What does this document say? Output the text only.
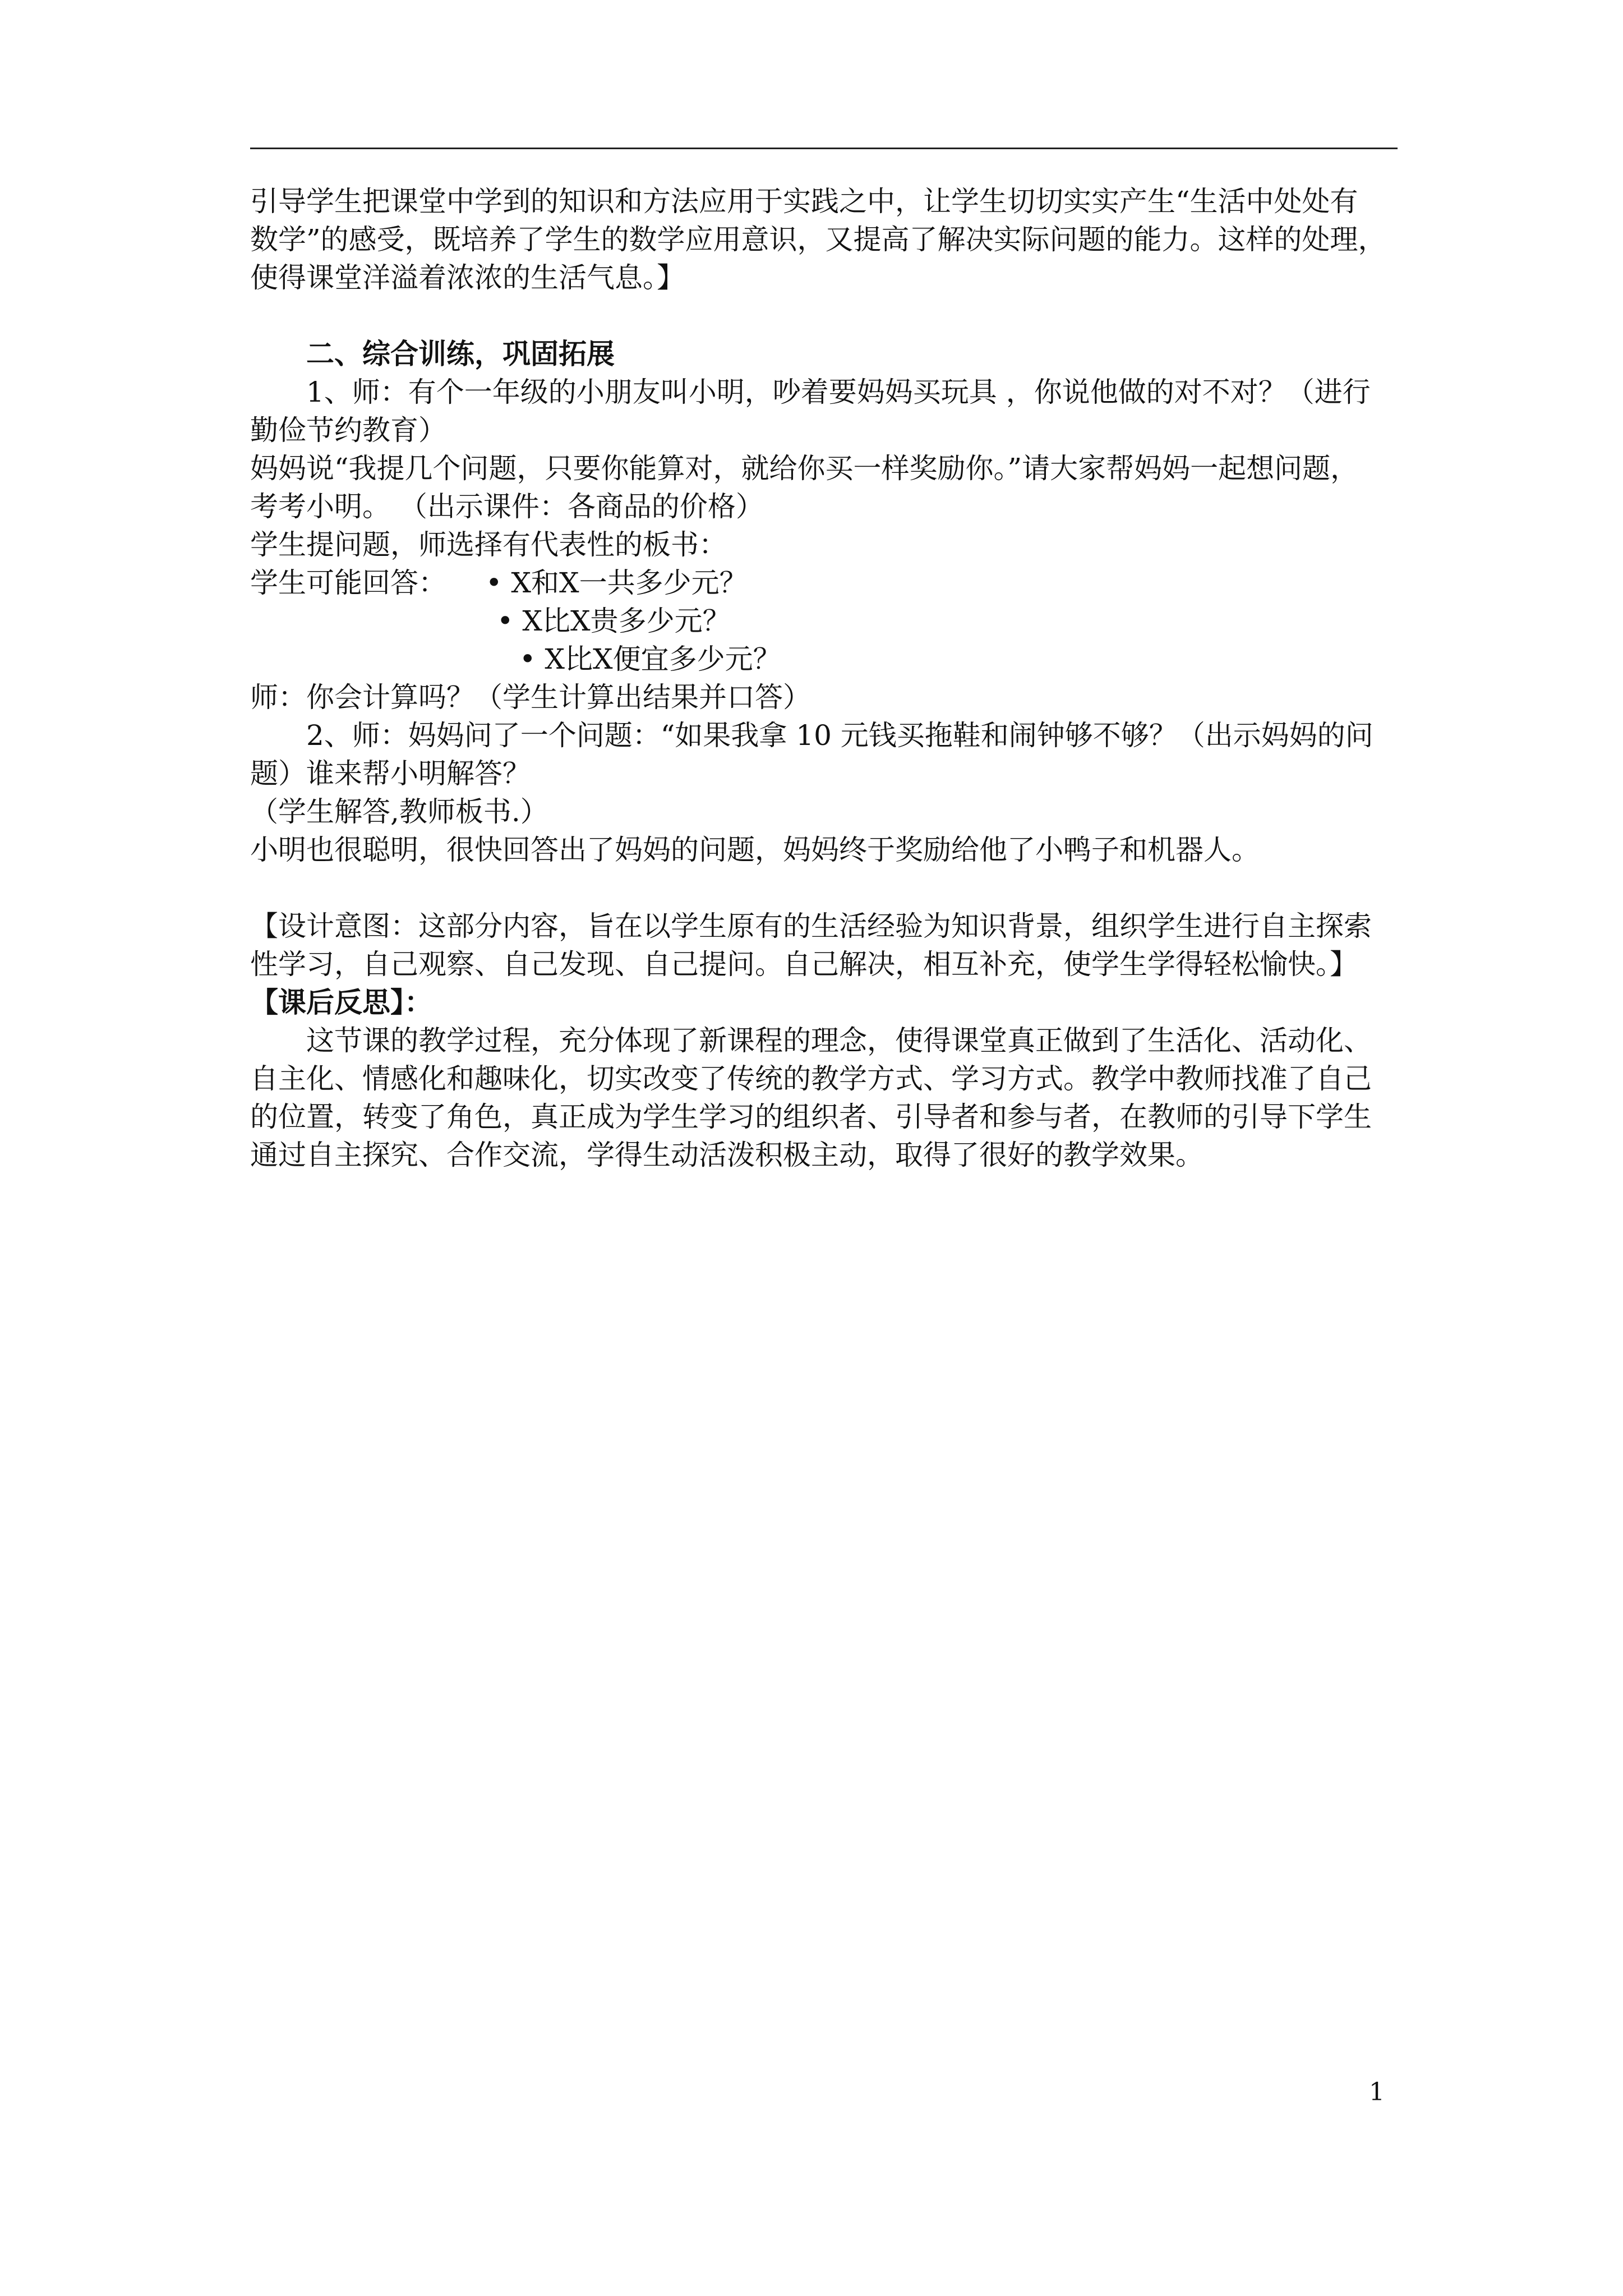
引导学生把课堂中学到的知识和方法应用于实践之中，让学生切切实实产生“生活中处处有

数学”的感受，既培养了学生的数学应用意识，又提高了解决实际问题的能力。这样的处理，

使得课堂洋溢着浓浓的生活气息。】

二、综合训练，巩固拓展

1、师：有个一年级的小朋友叫小明，吵着要妈妈买玩具 ，你说他做的对不对？（进行

勤俭节约教育）

妈妈说“我提几个问题，只要你能算对，就给你买一样奖励你。”请大家帮妈妈一起想问题，

考考小明。 （出示课件：各商品的价格）

学生提问题，师选择有代表性的板书：

学生可能回答： • X和X一共多少元？

• X比X贵多少元？

• X比X便宜多少元？

师：你会计算吗？（学生计算出结果并口答）

2、师：妈妈问了一个问题：“如果我拿 10 元钱买拖鞋和闹钟够不够？（出示妈妈的问

题）谁来帮小明解答？

（学生解答,教师板书.）

小明也很聪明，很快回答出了妈妈的问题，妈妈终于奖励给他了小鸭子和机器人。

【设计意图：这部分内容，旨在以学生原有的生活经验为知识背景，组织学生进行自主探索

性学习，自己观察、自己发现、自己提问。自己解决，相互补充，使学生学得轻松愉快。】

【课后反思】：

这节课的教学过程，充分体现了新课程的理念，使得课堂真正做到了生活化、活动化、

自主化、情感化和趣味化，切实改变了传统的教学方式、学习方式。教学中教师找准了自己

的位置，转变了角色，真正成为学生学习的组织者、引导者和参与者，在教师的引导下学生

通过自主探究、合作交流，学得生动活泼积极主动，取得了很好的教学效果。

1
